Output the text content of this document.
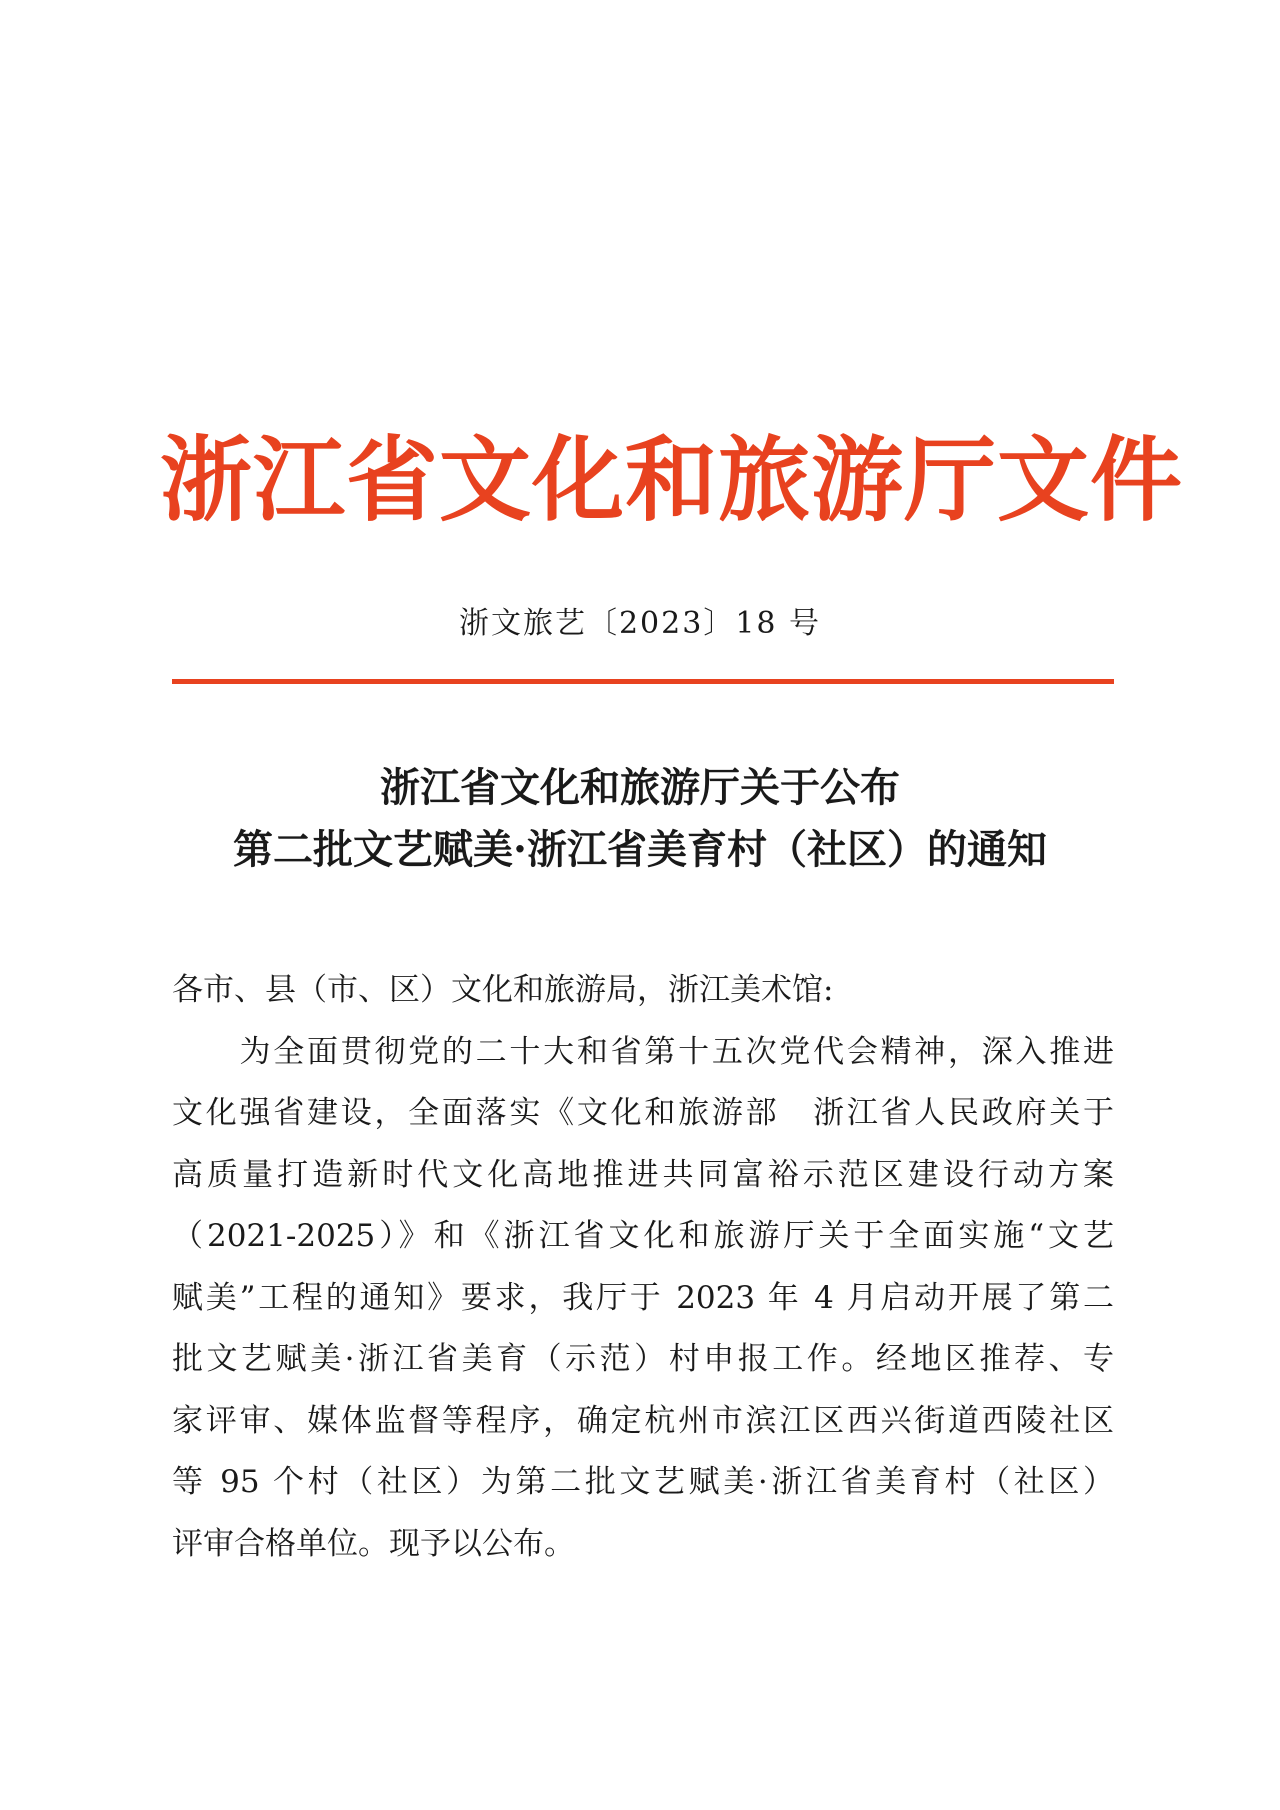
浙江省文化和旅游厅文件
浙文旅艺〔2023〕18 号
浙江省文化和旅游厅关于公布
第二批文艺赋美·浙江省美育村（社区）的通知
各市、县（市、区）文化和旅游局，浙江美术馆:
　　为全面贯彻党的二十大和省第十五次党代会精神，深入推进
文化强省建设，全面落实《文化和旅游部　浙江省人民政府关于
高质量打造新时代文化高地推进共同富裕示范区建设行动方案
（2021-2025）》和《浙江省文化和旅游厅关于全面实施“文艺
赋美”工程的通知》要求，我厅于 2023 年 4 月启动开展了第二
批文艺赋美·浙江省美育（示范）村申报工作。经地区推荐、专
家评审、媒体监督等程序，确定杭州市滨江区西兴街道西陵社区
等 95 个村（社区）为第二批文艺赋美·浙江省美育村（社区）
评审合格单位。现予以公布。
